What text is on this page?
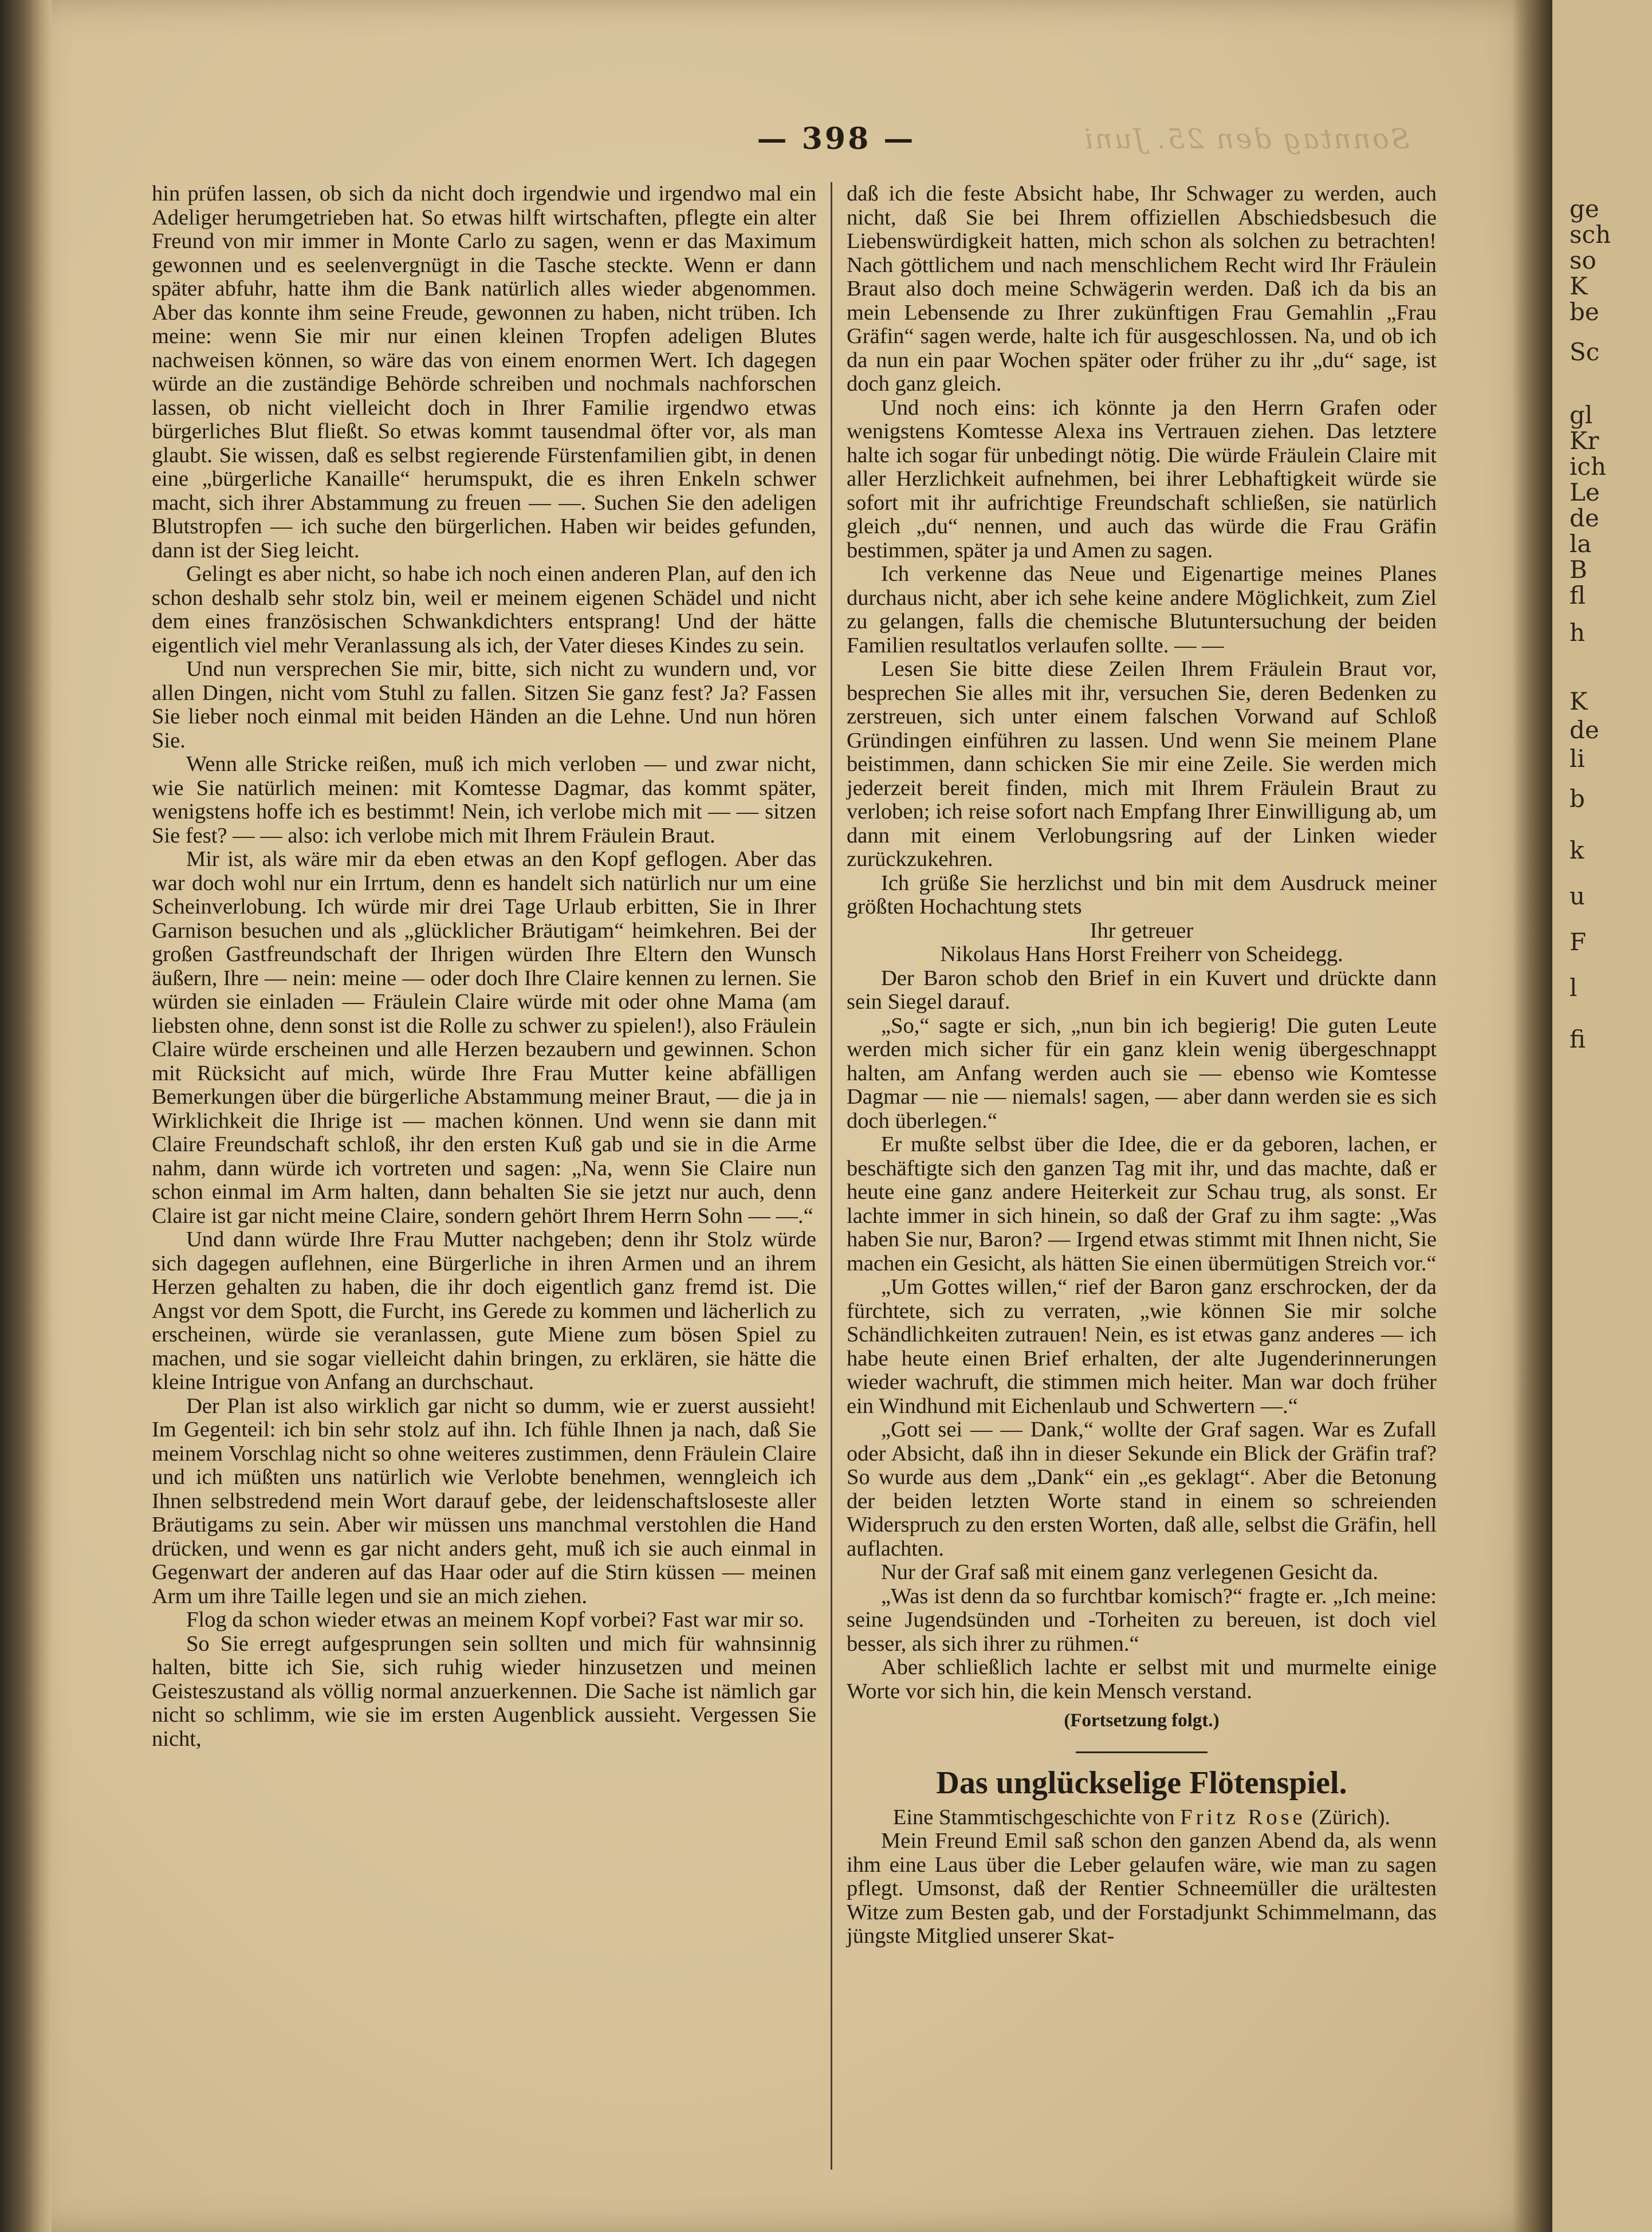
Sonntag den 25. Juni
— 398 —

hin prüfen lassen, ob sich da nicht doch irgendwie und irgendwo mal ein Adeliger herumgetrieben hat. So etwas hilft wirtschaften, pflegte ein alter Freund von mir immer in Monte Carlo zu sagen, wenn er das Maximum gewonnen und es seelenvergnügt in die Tasche steckte. Wenn er dann später abfuhr, hatte ihm die Bank natürlich alles wieder abgenommen. Aber das konnte ihm seine Freude, gewonnen zu haben, nicht trüben. Ich meine: wenn Sie mir nur einen kleinen Tropfen adeligen Blutes nachweisen können, so wäre das von einem enormen Wert. Ich dagegen würde an die zuständige Behörde schreiben und nochmals nachforschen lassen, ob nicht vielleicht doch in Ihrer Familie irgendwo etwas bürgerliches Blut fließt. So etwas kommt tausendmal öfter vor, als man glaubt. Sie wissen, daß es selbst regierende Fürstenfamilien gibt, in denen eine „bürgerliche Kanaille“ herumspukt, die es ihren Enkeln schwer macht, sich ihrer Abstammung zu freuen — —. Suchen Sie den adeligen Blutstropfen — ich suche den bürgerlichen. Haben wir beides gefunden, dann ist der Sieg leicht.

Gelingt es aber nicht, so habe ich noch einen anderen Plan, auf den ich schon deshalb sehr stolz bin, weil er meinem eigenen Schädel und nicht dem eines französischen Schwankdichters entsprang! Und der hätte eigentlich viel mehr Veranlassung als ich, der Vater dieses Kindes zu sein.

Und nun versprechen Sie mir, bitte, sich nicht zu wundern und, vor allen Dingen, nicht vom Stuhl zu fallen. Sitzen Sie ganz fest? Ja? Fassen Sie lieber noch einmal mit beiden Händen an die Lehne. Und nun hören Sie.

Wenn alle Stricke reißen, muß ich mich verloben — und zwar nicht, wie Sie natürlich meinen: mit Komtesse Dagmar, das kommt später, wenigstens hoffe ich es bestimmt! Nein, ich verlobe mich mit — — sitzen Sie fest? — — also: ich verlobe mich mit Ihrem Fräulein Braut.

Mir ist, als wäre mir da eben etwas an den Kopf geflogen. Aber das war doch wohl nur ein Irrtum, denn es handelt sich natürlich nur um eine Scheinverlobung. Ich würde mir drei Tage Urlaub erbitten, Sie in Ihrer Garnison besuchen und als „glücklicher Bräutigam“ heimkehren. Bei der großen Gastfreundschaft der Ihrigen würden Ihre Eltern den Wunsch äußern, Ihre — nein: meine — oder doch Ihre Claire kennen zu lernen. Sie würden sie einladen — Fräulein Claire würde mit oder ohne Mama (am liebsten ohne, denn sonst ist die Rolle zu schwer zu spielen!), also Fräulein Claire würde erscheinen und alle Herzen bezaubern und gewinnen. Schon mit Rücksicht auf mich, würde Ihre Frau Mutter keine abfälligen Bemerkungen über die bürgerliche Abstammung meiner Braut, — die ja in Wirklichkeit die Ihrige ist — machen können. Und wenn sie dann mit Claire Freundschaft schloß, ihr den ersten Kuß gab und sie in die Arme nahm, dann würde ich vortreten und sagen: „Na, wenn Sie Claire nun schon einmal im Arm halten, dann behalten Sie sie jetzt nur auch, denn Claire ist gar nicht meine Claire, sondern gehört Ihrem Herrn Sohn — —.“

Und dann würde Ihre Frau Mutter nachgeben; denn ihr Stolz würde sich dagegen auflehnen, eine Bürgerliche in ihren Armen und an ihrem Herzen gehalten zu haben, die ihr doch eigentlich ganz fremd ist. Die Angst vor dem Spott, die Furcht, ins Gerede zu kommen und lächerlich zu erscheinen, würde sie veranlassen, gute Miene zum bösen Spiel zu machen, und sie sogar vielleicht dahin bringen, zu erklären, sie hätte die kleine Intrigue von Anfang an durchschaut.

Der Plan ist also wirklich gar nicht so dumm, wie er zuerst aussieht! Im Gegenteil: ich bin sehr stolz auf ihn. Ich fühle Ihnen ja nach, daß Sie meinem Vorschlag nicht so ohne weiteres zustimmen, denn Fräulein Claire und ich müßten uns natürlich wie Verlobte benehmen, wenngleich ich Ihnen selbstredend mein Wort darauf gebe, der leidenschaftsloseste aller Bräutigams zu sein. Aber wir müssen uns manchmal verstohlen die Hand drücken, und wenn es gar nicht anders geht, muß ich sie auch einmal in Gegenwart der anderen auf das Haar oder auf die Stirn küssen — meinen Arm um ihre Taille legen und sie an mich ziehen.

Flog da schon wieder etwas an meinem Kopf vorbei? Fast war mir so.

So Sie erregt aufgesprungen sein sollten und mich für wahnsinnig halten, bitte ich Sie, sich ruhig wieder hinzusetzen und meinen Geisteszustand als völlig normal anzuerkennen. Die Sache ist nämlich gar nicht so schlimm, wie sie im ersten Augenblick aussieht. Vergessen Sie nicht,

daß ich die feste Absicht habe, Ihr Schwager zu werden, auch nicht, daß Sie bei Ihrem offiziellen Abschiedsbesuch die Liebenswürdigkeit hatten, mich schon als solchen zu betrachten! Nach göttlichem und nach menschlichem Recht wird Ihr Fräulein Braut also doch meine Schwägerin werden. Daß ich da bis an mein Lebensende zu Ihrer zukünftigen Frau Gemahlin „Frau Gräfin“ sagen werde, halte ich für ausgeschlossen. Na, und ob ich da nun ein paar Wochen später oder früher zu ihr „du“ sage, ist doch ganz gleich.

Und noch eins: ich könnte ja den Herrn Grafen oder wenigstens Komtesse Alexa ins Vertrauen ziehen. Das letztere halte ich sogar für unbedingt nötig. Die würde Fräulein Claire mit aller Herzlichkeit aufnehmen, bei ihrer Lebhaftigkeit würde sie sofort mit ihr aufrichtige Freundschaft schließen, sie natürlich gleich „du“ nennen, und auch das würde die Frau Gräfin bestimmen, später ja und Amen zu sagen.

Ich verkenne das Neue und Eigenartige meines Planes durchaus nicht, aber ich sehe keine andere Möglichkeit, zum Ziel zu gelangen, falls die chemische Blutuntersuchung der beiden Familien resultatlos verlaufen sollte. — —

Lesen Sie bitte diese Zeilen Ihrem Fräulein Braut vor, besprechen Sie alles mit ihr, versuchen Sie, deren Bedenken zu zerstreuen, sich unter einem falschen Vorwand auf Schloß Gründingen einführen zu lassen. Und wenn Sie meinem Plane beistimmen, dann schicken Sie mir eine Zeile. Sie werden mich jederzeit bereit finden, mich mit Ihrem Fräulein Braut zu verloben; ich reise sofort nach Empfang Ihrer Einwilligung ab, um dann mit einem Verlobungsring auf der Linken wieder zurückzukehren.

Ich grüße Sie herzlichst und bin mit dem Ausdruck meiner größten Hochachtung stets

Ihr getreuer

Nikolaus Hans Horst Freiherr von Scheidegg.

Der Baron schob den Brief in ein Kuvert und drückte dann sein Siegel darauf.

„So,“ sagte er sich, „nun bin ich begierig! Die guten Leute werden mich sicher für ein ganz klein wenig übergeschnappt halten, am Anfang werden auch sie — ebenso wie Komtesse Dagmar — nie — niemals! sagen, — aber dann werden sie es sich doch überlegen.“

Er mußte selbst über die Idee, die er da geboren, lachen, er beschäftigte sich den ganzen Tag mit ihr, und das machte, daß er heute eine ganz andere Heiterkeit zur Schau trug, als sonst. Er lachte immer in sich hinein, so daß der Graf zu ihm sagte: „Was haben Sie nur, Baron? — Irgend etwas stimmt mit Ihnen nicht, Sie machen ein Gesicht, als hätten Sie einen übermütigen Streich vor.“

„Um Gottes willen,“ rief der Baron ganz erschrocken, der da fürchtete, sich zu verraten, „wie können Sie mir solche Schändlichkeiten zutrauen! Nein, es ist etwas ganz anderes — ich habe heute einen Brief erhalten, der alte Jugenderinnerungen wieder wachruft, die stimmen mich heiter. Man war doch früher ein Windhund mit Eichenlaub und Schwertern —.“

„Gott sei — — Dank,“ wollte der Graf sagen. War es Zufall oder Absicht, daß ihn in dieser Sekunde ein Blick der Gräfin traf? So wurde aus dem „Dank“ ein „es geklagt“. Aber die Betonung der beiden letzten Worte stand in einem so schreienden Widerspruch zu den ersten Worten, daß alle, selbst die Gräfin, hell auflachten.

Nur der Graf saß mit einem ganz verlegenen Gesicht da.

„Was ist denn da so furchtbar komisch?“ fragte er. „Ich meine: seine Jugendsünden und -Torheiten zu bereuen, ist doch viel besser, als sich ihrer zu rühmen.“

Aber schließlich lachte er selbst mit und murmelte einige Worte vor sich hin, die kein Mensch verstand.

(Fortsetzung folgt.)

Das unglückselige Flötenspiel.

Eine Stammtischgeschichte von Fritz Rose (Zürich).

Mein Freund Emil saß schon den ganzen Abend da, als wenn ihm eine Laus über die Leber gelaufen wäre, wie man zu sagen pflegt. Umsonst, daß der Rentier Schneemüller die urältesten Witze zum Besten gab, und der Forstadjunkt Schimmelmann, das jüngste Mitglied unserer Skat-

ge
sch
so
K
be
Sc
gl
Kr
ich
Le
de
la
B
fl
h
K
de
li
b
k
u
F
l
fi
